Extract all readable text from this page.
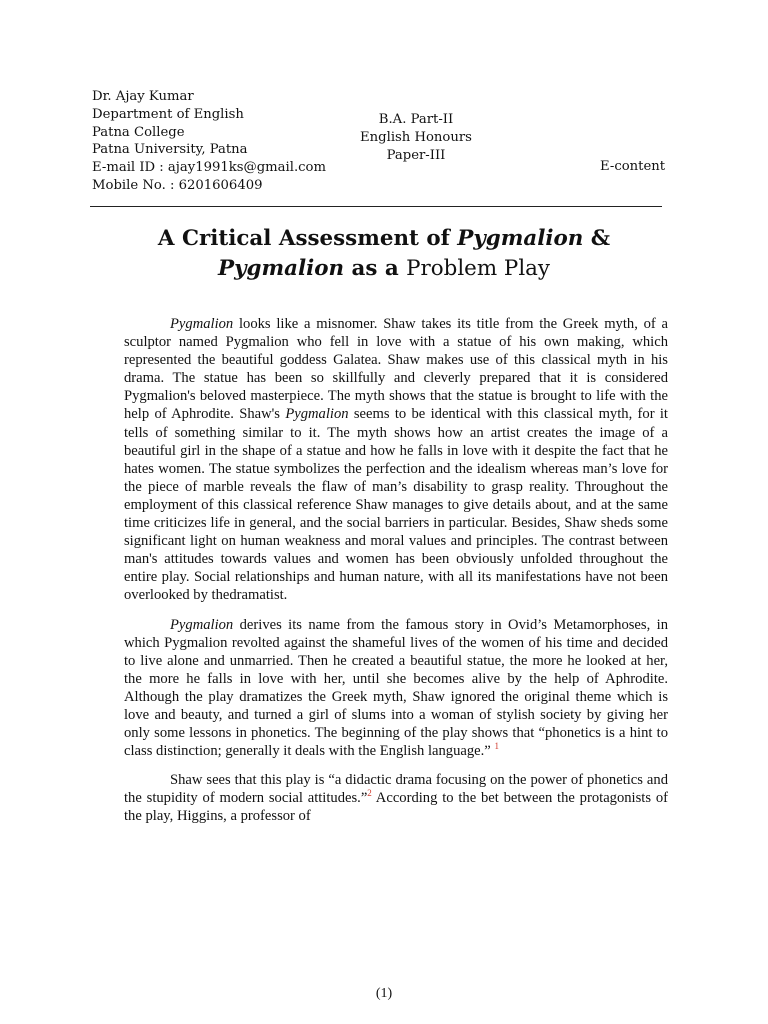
Dr. Ajay Kumar
Department of English
Patna College
Patna University, Patna
E-mail ID : ajay1991ks@gmail.com
Mobile No. : 6201606409
B.A. Part-II
English Honours
Paper-III
E-content
A Critical Assessment of Pygmalion &
Pygmalion as a Problem Play

Pygmalion looks like a misnomer. Shaw takes its title from the Greek myth, of a sculptor named Pygmalion who fell in love with a statue of his own making, which represented the beautiful goddess Galatea. Shaw makes use of this classical myth in his drama. The statue has been so skillfully and cleverly prepared that it is considered Pygmalion's beloved masterpiece. The myth shows that the statue is brought to life with the help of Aphrodite. Shaw's Pygmalion seems to be identical with this classical myth, for it tells of something similar to it. The myth shows how an artist creates the image of a beautiful girl in the shape of a statue and how he falls in love with it despite the fact that he hates women. The statue symbolizes the perfection and the idealism whereas man’s love for the piece of marble reveals the flaw of man’s disability to grasp reality. Throughout the employment of this classical reference Shaw manages to give details about, and at the same time criticizes life in general, and the social barriers in particular. Besides, Shaw sheds some significant light on human weakness and moral values and principles. The contrast between man's attitudes towards values and women has been obviously unfolded throughout the entire play. Social relationships and human nature, with all its manifestations have not been overlooked by thedramatist.

Pygmalion derives its name from the famous story in Ovid’s Metamorphoses, in which Pygmalion revolted against the shameful lives of the women of his time and decided to live alone and unmarried. Then he created a beautiful statue, the more he looked at her, the more he falls in love with her, until she becomes alive by the help of Aphrodite. Although the play dramatizes the Greek myth, Shaw ignored the original theme which is love and beauty, and turned a girl of slums into a woman of stylish society by giving her only some lessons in phonetics. The beginning of the play shows that “phonetics is a hint to class distinction; generally it deals with the English language.” $^1$

Shaw sees that this play is “a didactic drama focusing on the power of phonetics and the stupidity of modern social attitudes.”$^2$ According to the bet between the protagonists of the play, Higgins, a professor of

(1)
